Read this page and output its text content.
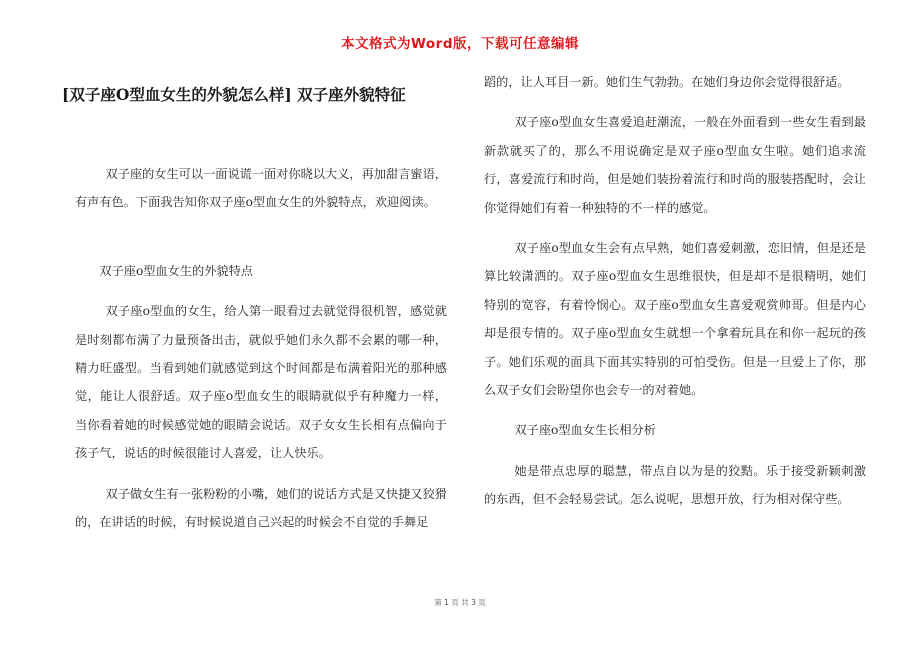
本文格式为Word版，下载可任意编辑
[双子座O型血女生的外貌怎么样] 双子座外貌特征

双子座的女生可以一面说谎一面对你晓以大义，再加甜言蜜语，有声有色。下面我告知你双子座o型血女生的外貌特点，欢迎阅读。

双子座o型血女生的外貌特点

双子座o型血的女生，给人第一眼看过去就觉得很机智，感觉就是时刻都布满了力量预备出击，就似乎她们永久都不会累的哪一种，精力旺盛型。当看到她们就感觉到这个时间都是布满着阳光的那种感觉，能让人很舒适。双子座o型血女生的眼睛就似乎有种魔力一样，当你看着她的时候感觉她的眼睛会说话。双子女女生长相有点偏向于孩子气，说话的时候很能讨人喜爱，让人快乐。

双子做女生有一张粉粉的小嘴，她们的说话方式是又快捷又狡猾的，在讲话的时候，有时候说道自己兴起的时候会不自觉的手舞足

蹈的，让人耳目一新。她们生气勃勃。在她们身边你会觉得很舒适。

双子座o型血女生喜爱追赶潮流，一般在外面看到一些女生看到最新款就买了的，那么不用说确定是双子座o型血女生啦。她们追求流行，喜爱流行和时尚，但是她们装扮着流行和时尚的服装搭配时，会让你觉得她们有着一种独特的不一样的感觉。

双子座o型血女生会有点早熟，她们喜爱刺激，恋旧情，但是还是算比较潇洒的。双子座o型血女生思维很快，但是却不是很精明，她们特别的宽容，有着怜悯心。双子座o型血女生喜爱观赏帅哥。但是内心却是很专情的。双子座o型血女生就想一个拿着玩具在和你一起玩的孩子。她们乐观的面具下面其实特别的可怕受伤。但是一旦爱上了你，那么双子女们会盼望你也会专一的对着她。

双子座o型血女生长相分析

她是带点忠厚的聪慧，带点自以为是的狡黠。乐于接受新颖刺激的东西，但不会轻易尝试。怎么说呢，思想开放，行为相对保守些。

第 1 页 共 3 页
